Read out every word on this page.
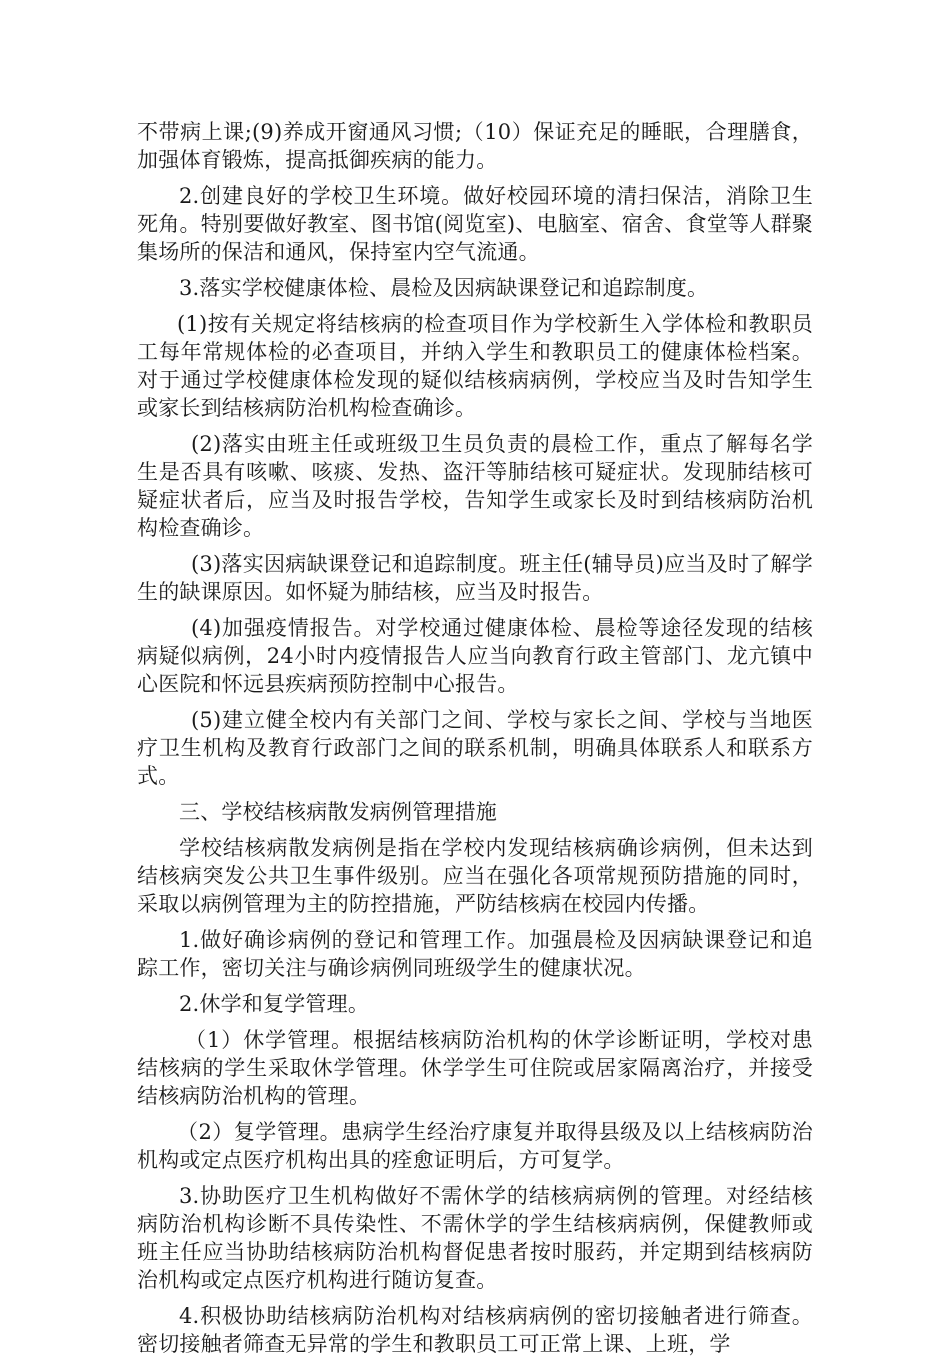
不带病上课;(9)养成开窗通风习惯;（10）保证充足的睡眠，合理膳食，加强体育锻炼，提高抵御疾病的能力。

2.创建良好的学校卫生环境。做好校园环境的清扫保洁，消除卫生死角。特别要做好教室、图书馆(阅览室)、电脑室、宿舍、食堂等人群聚集场所的保洁和通风，保持室内空气流通。

3.落实学校健康体检、晨检及因病缺课登记和追踪制度。

(1)按有关规定将结核病的检查项目作为学校新生入学体检和教职员工每年常规体检的必查项目，并纳入学生和教职员工的健康体检档案。对于通过学校健康体检发现的疑似结核病病例，学校应当及时告知学生或家长到结核病防治机构检查确诊。

(2)落实由班主任或班级卫生员负责的晨检工作，重点了解每名学生是否具有咳嗽、咳痰、发热、盗汗等肺结核可疑症状。发现肺结核可疑症状者后，应当及时报告学校，告知学生或家长及时到结核病防治机构检查确诊。

(3)落实因病缺课登记和追踪制度。班主任(辅导员)应当及时了解学生的缺课原因。如怀疑为肺结核，应当及时报告。

(4)加强疫情报告。对学校通过健康体检、晨检等途径发现的结核病疑似病例，24小时内疫情报告人应当向教育行政主管部门、龙亢镇中心医院和怀远县疾病预防控制中心报告。

(5)建立健全校内有关部门之间、学校与家长之间、学校与当地医疗卫生机构及教育行政部门之间的联系机制，明确具体联系人和联系方式。

三、学校结核病散发病例管理措施

学校结核病散发病例是指在学校内发现结核病确诊病例，但未达到结核病突发公共卫生事件级别。应当在强化各项常规预防措施的同时，采取以病例管理为主的防控措施，严防结核病在校园内传播。

1.做好确诊病例的登记和管理工作。加强晨检及因病缺课登记和追踪工作，密切关注与确诊病例同班级学生的健康状况。

2.休学和复学管理。

（1）休学管理。根据结核病防治机构的休学诊断证明，学校对患结核病的学生采取休学管理。休学学生可住院或居家隔离治疗，并接受结核病防治机构的管理。

（2）复学管理。患病学生经治疗康复并取得县级及以上结核病防治机构或定点医疗机构出具的痊愈证明后，方可复学。

3.协助医疗卫生机构做好不需休学的结核病病例的管理。对经结核病防治机构诊断不具传染性、不需休学的学生结核病病例，保健教师或班主任应当协助结核病防治机构督促患者按时服药，并定期到结核病防治机构或定点医疗机构进行随访复查。

4.积极协助结核病防治机构对结核病病例的密切接触者进行筛查。密切接触者筛查无异常的学生和教职员工可正常上课、上班，学
